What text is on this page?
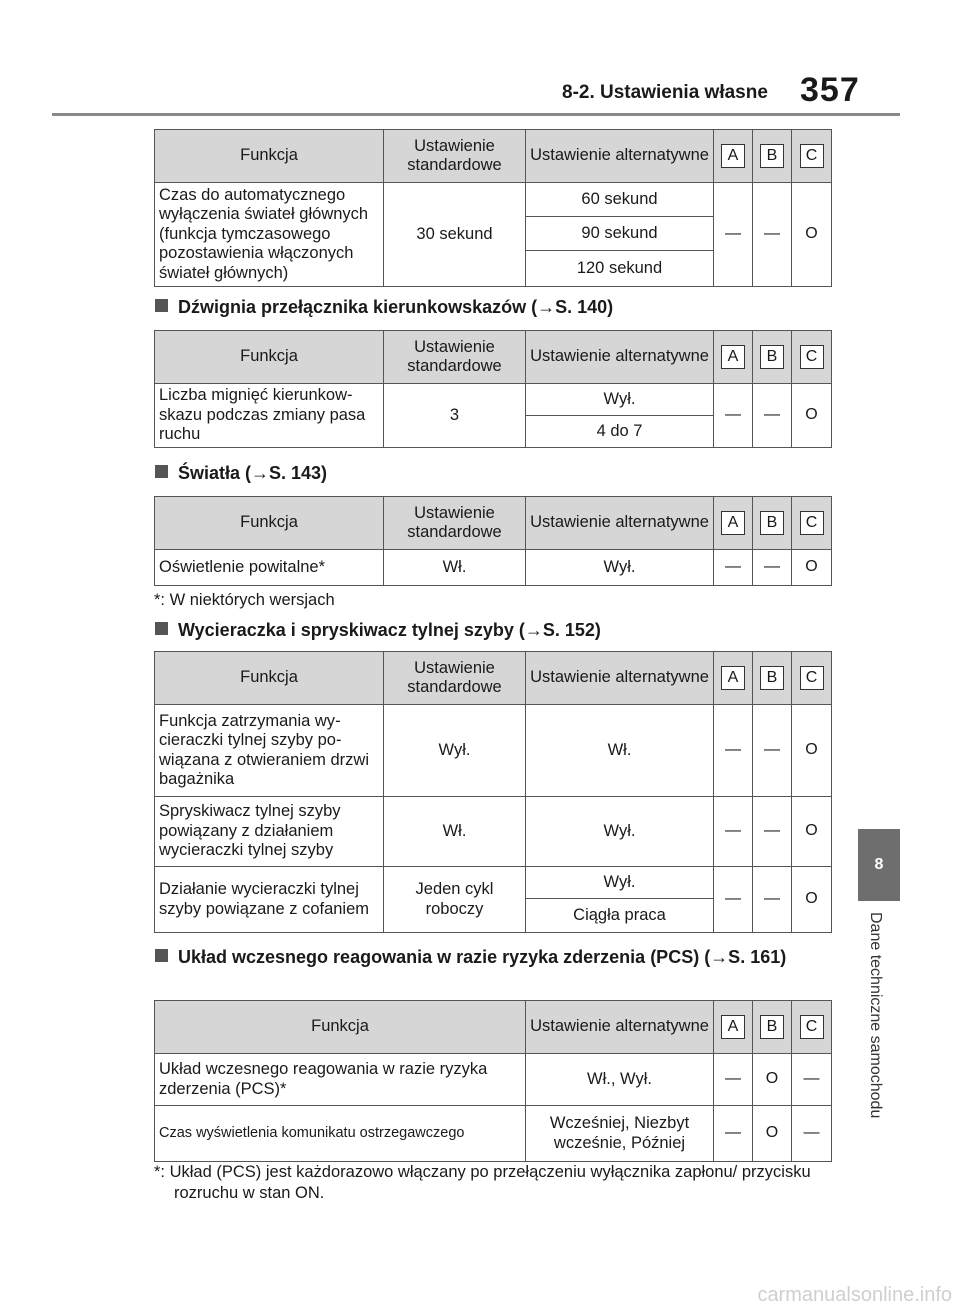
8-2. Ustawienia własne 357
8
Dane techniczne samochodu
Funkcja	Ustawienie standardowe	Ustawienie alternatywne	A	B	C
Czas do automatycznego wyłączenia świateł głównych (funkcja tymczasowego pozostawienia włączonych świateł głównych)	30 sekund	60 sekund	—	—	O
		90 sekund			
		120 sekund			
Dźwignia przełącznika kierunkowskazów (→S. 140)
Funkcja	Ustawienie standardowe	Ustawienie alternatywne	A	B	C
Liczba mignięć kierunkowskazu podczas zmiany pasa ruchu	3	Wył.	—	—	O
		4 do 7			
Światła (→S. 143)
Funkcja	Ustawienie standardowe	Ustawienie alternatywne	A	B	C
Oświetlenie powitalne*	Wł.	Wył.	—	—	O
*: W niektórych wersjach
Wycieraczka i spryskiwacz tylnej szyby (→S. 152)
Funkcja	Ustawienie standardowe	Ustawienie alternatywne	A	B	C
Funkcja zatrzymania wycieraczki tylnej szyby powiązana z otwieraniem drzwi bagażnika	Wył.	Wł.	—	—	O
Spryskiwacz tylnej szyby powiązany z działaniem wycieraczki tylnej szyby	Wł.	Wył.	—	—	O
Działanie wycieraczki tylnej szyby powiązane z cofaniem	Jeden cykl roboczy	Wył.	—	—	O
		Ciągła praca			
Układ wczesnego reagowania w razie ryzyka zderzenia (PCS) (→S. 161)
Funkcja	Ustawienie alternatywne	A	B	C
Układ wczesnego reagowania w razie ryzyka zderzenia (PCS)*	Wł., Wył.	—	O	—
Czas wyświetlenia komunikatu ostrzegawczego	Wcześniej, Niezbyt wcześnie, Później	—	O	—
*: Układ (PCS) jest każdorazowo włączany po przełączeniu wyłącznika zapłonu/ przycisku rozruchu w stan ON.
carmanualsonline.info
